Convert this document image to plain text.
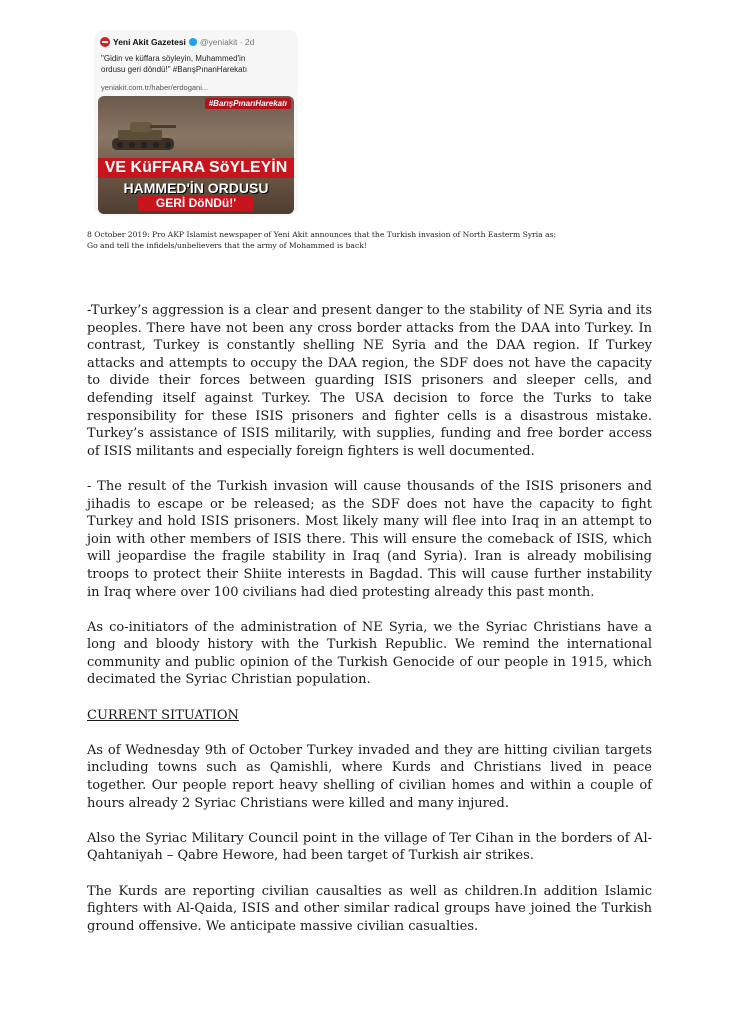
Yeni Akit Gazetesi @yeniakit · 2d
"Gidin ve küffara söyleyin, Muhammed'in
ordusu geri döndü!" #BarışPınanHarekatı
yeniakit.com.tr/haber/erdogani...
#BarışPınarıHarekatı
VE KüFFARA SöYLEYİN
HAMMED'İN ORDUSU
GERİ DöNDü!'

8 October 2019: Pro AKP Islamist newspaper of Yeni Akit announces that the Turkish invasion of North Easterm Syria as:

Go and tell the infidels/unbelievers that the army of Mohammed is back!

-Turkey’s aggression is a clear and present danger to the stability of NE Syria and its peoples. There have not been any cross border attacks from the DAA into Turkey. In contrast, Turkey is constantly shelling NE Syria and the DAA region. If Turkey attacks and attempts to occupy the DAA region, the SDF does not have the capacity to divide their forces between guarding ISIS prisoners and sleeper cells, and defending itself against Turkey. The USA decision to force the Turks to take responsibility for these ISIS prisoners and fighter cells is a disastrous mistake. Turkey’s assistance of ISIS militarily, with supplies, funding and free border access of ISIS militants and especially foreign fighters is well documented.

- The result of the Turkish invasion will cause thousands of the ISIS prisoners and jihadis to escape or be released; as the SDF does not have the capacity to fight Turkey and hold ISIS prisoners. Most likely many will flee into Iraq in an attempt to join with other members of ISIS there. This will ensure the comeback of ISIS, which will jeopardise the fragile stability in Iraq (and Syria). Iran is already mobilising troops to protect their Shiite interests in Bagdad. This will cause further instability in Iraq where over 100 civilians had died protesting already this past month.

As co-initiators of the administration of NE Syria, we the Syriac Christians have a long and bloody history with the Turkish Republic. We remind the international community and public opinion of the Turkish Genocide of our people in 1915, which decimated the Syriac Christian population.

CURRENT SITUATION

As of Wednesday 9th of October Turkey invaded and they are hitting civilian targets including towns such as Qamishli, where Kurds and Christians lived in peace together. Our people report heavy shelling of civilian homes and within a couple of hours already 2 Syriac Christians were killed and many injured.

Also the Syriac Military Council point in the village of Ter Cihan in the borders of Al-Qahtaniyah – Qabre Hewore, had been target of Turkish air strikes.

The Kurds are reporting civilian causalties as well as children.In addition Islamic fighters with Al-Qaida, ISIS and other similar radical groups have joined the Turkish ground offensive. We anticipate massive civilian casualties.
